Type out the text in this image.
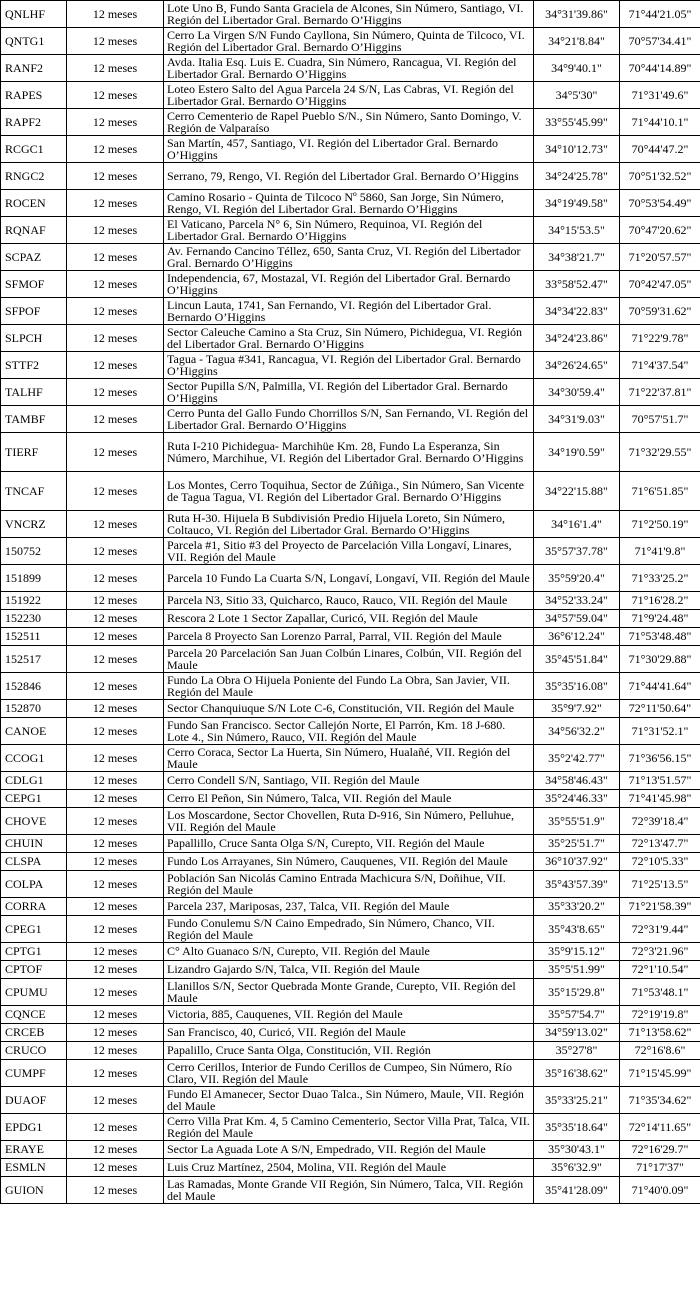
QNLHF	12 meses	Lote Uno B, Fundo Santa Graciela de Alcones, Sin Número, Santiago, VI. Región del Libertador Gral. Bernardo O’Higgins	34°31'39.86"	71°44'21.05"
QNTG1	12 meses	Cerro La Virgen S/N Fundo Cayllona, Sin Número, Quinta de Tilcoco, VI. Región del Libertador Gral. Bernardo O’Higgins	34°21'8.84"	70°57'34.41"
RANF2	12 meses	Avda. Italia Esq. Luis E. Cuadra, Sin Número, Rancagua, VI. Región del Libertador Gral. Bernardo O’Higgins	34°9'40.1"	70°44'14.89"
RAPES	12 meses	Loteo Estero Salto del Agua Parcela 24 S/N, Las Cabras, VI. Región del Libertador Gral. Bernardo O’Higgins	34°5'30"	71°31'49.6"
RAPF2	12 meses	Cerro Cementerio de Rapel Pueblo S/N., Sin Número, Santo Domingo, V. Región de Valparaíso	33°55'45.99"	71°44'10.1"
RCGC1	12 meses	San Martín, 457, Santiago, VI. Región del Libertador Gral. Bernardo O’Higgins	34°10'12.73"	70°44'47.2"
RNGC2	12 meses	Serrano, 79, Rengo, VI. Región del Libertador Gral. Bernardo O’Higgins	34°24'25.78"	70°51'32.52"
ROCEN	12 meses	Camino Rosario - Quinta de Tilcoco Nº 5860, San Jorge, Sin Número, Rengo, VI. Región del Libertador Gral. Bernardo O’Higgins	34°19'49.58"	70°53'54.49"
RQNAF	12 meses	El Vaticano, Parcela N° 6, Sin Número, Requinoa, VI. Región del Libertador Gral. Bernardo O’Higgins	34°15'53.5"	70°47'20.62"
SCPAZ	12 meses	Av. Fernando Cancino Téllez, 650, Santa Cruz, VI. Región del Libertador Gral. Bernardo O’Higgins	34°38'21.7"	71°20'57.57"
SFMOF	12 meses	Independencia, 67, Mostazal, VI. Región del Libertador Gral. Bernardo O’Higgins	33°58'52.47"	70°42'47.05"
SFPOF	12 meses	Lincun Lauta, 1741, San Fernando, VI. Región del Libertador Gral. Bernardo O’Higgins	34°34'22.83"	70°59'31.62"
SLPCH	12 meses	Sector Caleuche Camino a Sta Cruz, Sin Número, Pichidegua, VI. Región del Libertador Gral. Bernardo O’Higgins	34°24'23.86"	71°22'9.78"
STTF2	12 meses	Tagua - Tagua #341, Rancagua, VI. Región del Libertador Gral. Bernardo O’Higgins	34°26'24.65"	71°4'37.54"
TALHF	12 meses	Sector Pupilla S/N, Palmilla, VI. Región del Libertador Gral. Bernardo O’Higgins	34°30'59.4"	71°22'37.81"
TAMBF	12 meses	Cerro Punta del Gallo Fundo Chorrillos S/N, San Fernando, VI. Región del Libertador Gral. Bernardo O’Higgins	34°31'9.03"	70°57'51.7"
TIERF	12 meses	Ruta I-210 Pichidegua- Marchihüe Km. 28, Fundo La Esperanza, Sin Número, Marchihue, VI. Región del Libertador Gral. Bernardo O’Higgins	34°19'0.59"	71°32'29.55"
TNCAF	12 meses	Los Montes, Cerro Toquihua, Sector de Zúñiga., Sin Número, San Vicente de Tagua Tagua, VI. Región del Libertador Gral. Bernardo O’Higgins	34°22'15.88"	71°6'51.85"
VNCRZ	12 meses	Ruta H-30. Hijuela B Subdivisión Predio Hijuela Loreto, Sin Número, Coltauco, VI. Región del Libertador Gral. Bernardo O’Higgins	34°16'1.4"	71°2'50.19"
150752	12 meses	Parcela #1, Sitio #3 del Proyecto de Parcelación Villa Longaví, Linares, VII. Región del Maule	35°57'37.78"	71°41'9.8"
151899	12 meses	Parcela 10 Fundo La Cuarta S/N, Longaví, Longaví, VII. Región del Maule	35°59'20.4"	71°33'25.2"
151922	12 meses	Parcela N3, Sitio 33, Quicharco, Rauco, Rauco, VII. Región del Maule	34°52'33.24"	71°16'28.2"
152230	12 meses	Rescora 2 Lote 1 Sector Zapallar, Curicó, VII. Región del Maule	34°57'59.04"	71°9'24.48"
152511	12 meses	Parcela 8 Proyecto San Lorenzo Parral, Parral, VII. Región del Maule	36°6'12.24"	71°53'48.48"
152517	12 meses	Parcela 20 Parcelación San Juan Colbún Linares, Colbún, VII. Región del Maule	35°45'51.84"	71°30'29.88"
152846	12 meses	Fundo La Obra O Hijuela Poniente del Fundo La Obra, San Javier, VII. Región del Maule	35°35'16.08"	71°44'41.64"
152870	12 meses	Sector Chanquiuque S/N Lote C-6, Constitución, VII. Región del Maule	35°9'7.92"	72°11'50.64"
CANOE	12 meses	Fundo San Francisco. Sector Callejón Norte, El Parrón, Km. 18 J-680. Lote 4., Sin Número, Rauco, VII. Región del Maule	34°56'32.2"	71°31'52.1"
CCOG1	12 meses	Cerro Coraca, Sector La Huerta, Sin Número, Hualañé, VII. Región del Maule	35°2'42.77"	71°36'56.15"
CDLG1	12 meses	Cerro Condell S/N, Santiago, VII. Región del Maule	34°58'46.43"	71°13'51.57"
CEPG1	12 meses	Cerro El Peñon, Sin Número, Talca, VII. Región del Maule	35°24'46.33"	71°41'45.98"
CHOVE	12 meses	Los Moscardone, Sector Chovellen, Ruta D-916, Sin Número, Pelluhue, VII. Región del Maule	35°55'51.9"	72°39'18.4"
CHUIN	12 meses	Papallillo, Cruce Santa Olga S/N, Curepto, VII. Región del Maule	35°25'51.7"	72°13'47.7"
CLSPA	12 meses	Fundo Los Arrayanes, Sin Número, Cauquenes, VII. Región del Maule	36°10'37.92"	72°10'5.33"
COLPA	12 meses	Población San Nicolás Camino Entrada Machicura S/N, Doñihue, VII. Región del Maule	35°43'57.39"	71°25'13.5"
CORRA	12 meses	Parcela 237, Mariposas, 237, Talca, VII. Región del Maule	35°33'20.2"	71°21'58.39"
CPEG1	12 meses	Fundo Conulemu S/N Caino Empedrado, Sin Número, Chanco, VII. Región del Maule	35°43'8.65"	72°31'9.44"
CPTG1	12 meses	C° Alto Guanaco S/N, Curepto, VII. Región del Maule	35°9'15.12"	72°3'21.96"
CPTOF	12 meses	Lizandro Gajardo S/N, Talca, VII. Región del Maule	35°5'51.99"	72°1'10.54"
CPUMU	12 meses	Llanillos S/N, Sector Quebrada Monte Grande, Curepto, VII. Región del Maule	35°15'29.8"	71°53'48.1"
CQNCE	12 meses	Victoria, 885, Cauquenes, VII. Región del Maule	35°57'54.7"	72°19'19.8"
CRCEB	12 meses	San Francisco, 40, Curicó, VII. Región del Maule	34°59'13.02"	71°13'58.62"
CRUCO	12 meses	Papalillo, Cruce Santa Olga, Constitución, VII. Región	35°27'8"	72°16'8.6"
CUMPF	12 meses	Cerro Cerillos, Interior de Fundo Cerillos de Cumpeo, Sin Número, Río Claro, VII. Región del Maule	35°16'38.62"	71°15'45.99"
DUAOF	12 meses	Fundo El Amanecer, Sector Duao Talca., Sin Número, Maule, VII. Región del Maule	35°33'25.21"	71°35'34.62"
EPDG1	12 meses	Cerro Villa Prat Km. 4, 5 Camino Cementerio, Sector Villa Prat, Talca, VII. Región del Maule	35°35'18.64"	72°14'11.65"
ERAYE	12 meses	Sector La Aguada Lote A S/N, Empedrado, VII. Región del Maule	35°30'43.1"	72°16'29.7"
ESMLN	12 meses	Luis Cruz Martínez, 2504, Molina, VII. Región del Maule	35°6'32.9"	71°17'37"
GUION	12 meses	Las Ramadas, Monte Grande VII Región, Sin Número, Talca, VII. Región del Maule	35°41'28.09"	71°40'0.09"
